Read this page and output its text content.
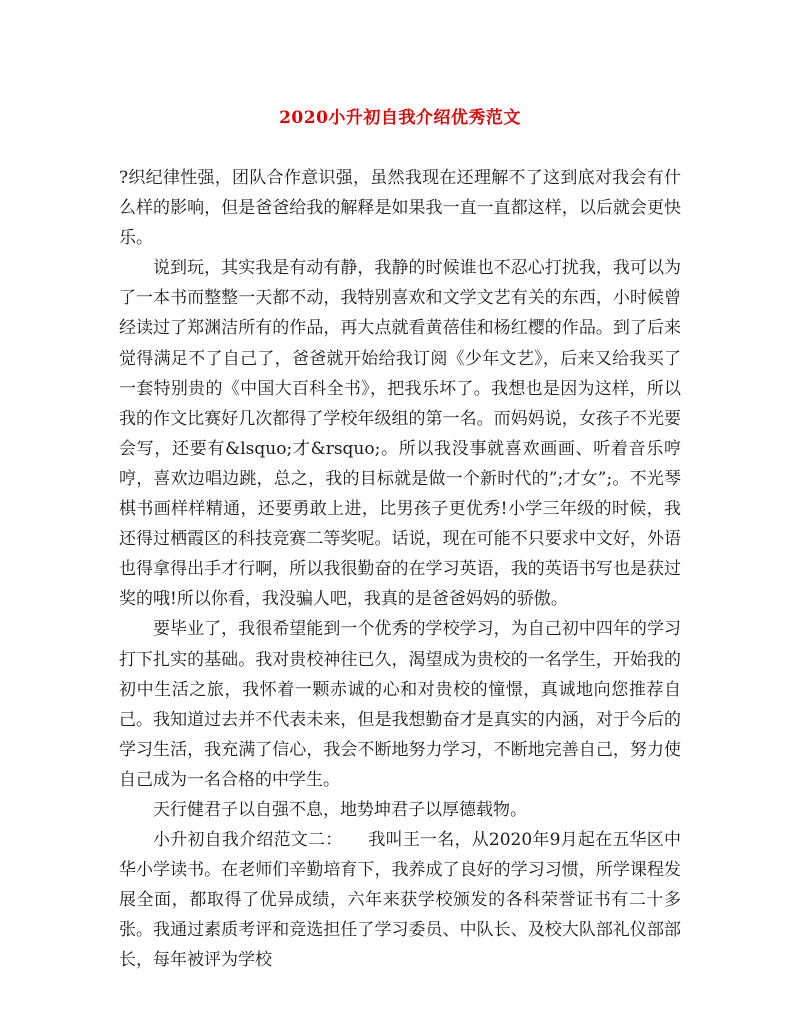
2020小升初自我介绍优秀范文

?织纪律性强，团队合作意识强，虽然我现在还理解不了这到底对我会有什么样的影响，但是爸爸给我的解释是如果我一直一直都这样，以后就会更快乐。

说到玩，其实我是有动有静，我静的时候谁也不忍心打扰我，我可以为了一本书而整整一天都不动，我特别喜欢和文学文艺有关的东西，小时候曾经读过了郑渊洁所有的作品，再大点就看黄蓓佳和杨红樱的作品。到了后来觉得满足不了自己了，爸爸就开始给我订阅《少年文艺》，后来又给我买了一套特别贵的《中国大百科全书》，把我乐坏了。我想也是因为这样，所以我的作文比赛好几次都得了学校年级组的第一名。而妈妈说，女孩子不光要会写，还要有&lsquo;才&rsquo;。所以我没事就喜欢画画、听着音乐哼哼，喜欢边唱边跳，总之，我的目标就是做一个新时代的”;才女”;。不光琴棋书画样样精通，还要勇敢上进，比男孩子更优秀!小学三年级的时候，我还得过栖霞区的科技竞赛二等奖呢。话说，现在可能不只要求中文好，外语也得拿得出手才行啊，所以我很勤奋的在学习英语，我的英语书写也是获过奖的哦!所以你看，我没骗人吧，我真的是爸爸妈妈的骄傲。

要毕业了，我很希望能到一个优秀的学校学习，为自己初中四年的学习打下扎实的基础。我对贵校神往已久，渴望成为贵校的一名学生，开始我的初中生活之旅，我怀着一颗赤诚的心和对贵校的憧憬，真诚地向您推荐自己。我知道过去并不代表未来，但是我想勤奋才是真实的内涵，对于今后的学习生活，我充满了信心，我会不断地努力学习，不断地完善自己，努力使自己成为一名合格的中学生。

天行健君子以自强不息，地势坤君子以厚德载物。

小升初自我介绍范文二：　　我叫王一名，从2020年9月起在五华区中华小学读书。在老师们辛勤培育下，我养成了良好的学习习惯，所学课程发展全面，都取得了优异成绩，六年来获学校颁发的各科荣誉证书有二十多张。我通过素质考评和竞选担任了学习委员、中队长、及校大队部礼仪部部长，每年被评为学校
